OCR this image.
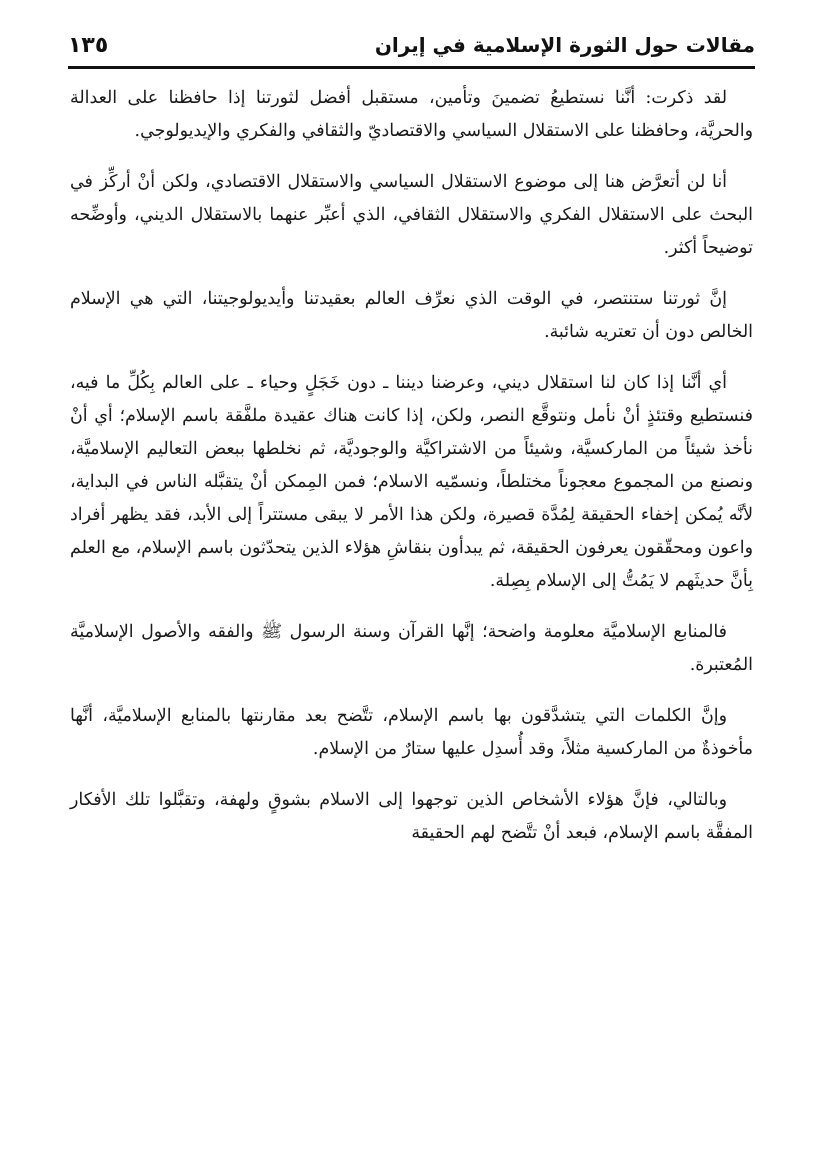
مقالات حول الثورة الإسلامية في إيران
١٣٥

لقد ذكرت: أنَّنا نستطيعُ تضمينَ وتأمين، مستقبل أفضل لثورتنا إذا حافظنا على العدالة والحريَّة، وحافظنا على الاستقلال السياسي والاقتصاديّ والثقافي والفكري والإيديولوجي.

أنا لن أتعرَّض هنا إلى موضوع الاستقلال السياسي والاستقلال الاقتصادي، ولكن أنْ أركِّز في البحث على الاستقلال الفكري والاستقلال الثقافي، الذي أعبِّر عنهما بالاستقلال الديني، وأوضِّحه توضيحاً أكثر.

إنَّ ثورتنا ستنتصر، في الوقت الذي نعرِّف العالم بعقيدتنا وأيديولوجيتنا، التي هي الإسلام الخالص دون أن تعتريه شائبة.

أي أنَّنا إذا كان لنا استقلال ديني، وعرضنا ديننا ـ دون خَجَلٍ وحياء ـ على العالم بِكُلِّ ما فيه، فنستطيع وقتئذٍ أنْ نأمل ونتوقَّع النصر، ولكن، إذا كانت هناك عقيدة ملفَّقة باسم الإسلام؛ أي أنْ نأخذ شيئاً من الماركسيَّة، وشيئاً من الاشتراكيَّة والوجوديَّة، ثم نخلطها ببعض التعاليم الإسلاميَّة، ونصنع من المجموع معجوناً مختلطاً، ونسمّيه الاسلام؛ فمن المِمكن أنْ يتقبَّله الناس في البداية، لأنَّه يُمكن إخفاء الحقيقة لِمُدَّة قصيرة، ولكن هذا الأمر لا يبقى مستتراً إلى الأبد، فقد يظهر أفراد واعون ومحقّقون يعرفون الحقيقة، ثم يبدأون بنقاشِ هؤلاء الذين يتحدّثون باسم الإسلام، مع العلم بِأنَّ حديثَهم لا يَمُتُّ إلى الإسلام بِصِلة.

فالمنابع الإسلاميَّة معلومة واضحة؛ إنَّها القرآن وسنة الرسول ﷺ والفقه والأصول الإسلاميَّة المُعتبرة.

وإنَّ الكلمات التي يتشدَّقون بها باسم الإسلام، تتَّضح بعد مقارنتها بالمنابع الإسلاميَّة، أنَّها مأخوذةٌ من الماركسية مثلاً، وقد أُسدِل عليها ستارٌ من الإسلام.

وبالتالي، فإنَّ هؤلاء الأشخاص الذين توجهوا إلى الاسلام بشوقٍ ولهفة، وتقبَّلوا تلك الأفكار المفقَّة باسم الإسلام، فبعد أنْ تتَّضح لهم الحقيقة
